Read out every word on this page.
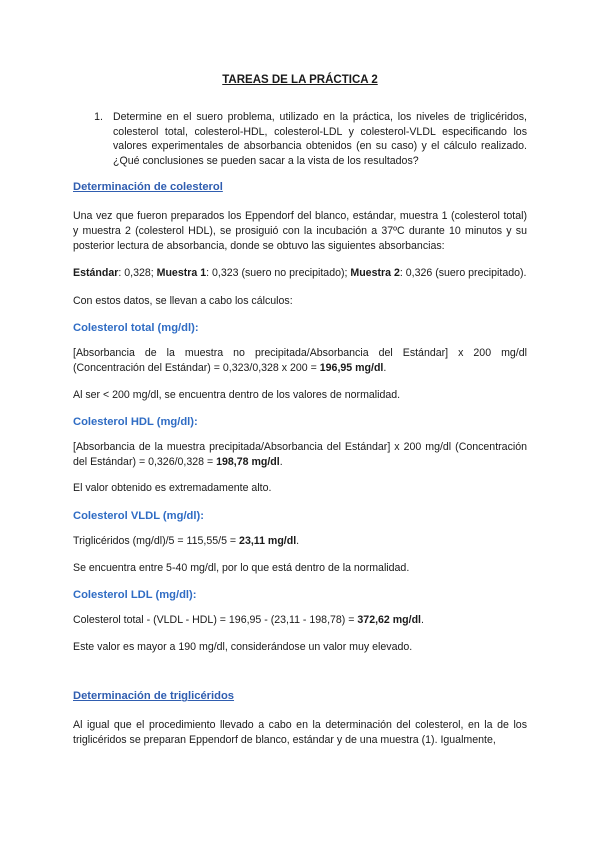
TAREAS DE LA PRÁCTICA 2
1. Determine en el suero problema, utilizado en la práctica, los niveles de triglicéridos, colesterol total, colesterol-HDL, colesterol-LDL y colesterol-VLDL especificando los valores experimentales de absorbancia obtenidos (en su caso) y el cálculo realizado. ¿Qué conclusiones se pueden sacar a la vista de los resultados?
Determinación de colesterol

Una vez que fueron preparados los Eppendorf del blanco, estándar, muestra 1 (colesterol total) y muestra 2 (colesterol HDL), se prosiguió con la incubación a 37ºC durante 10 minutos y su posterior lectura de absorbancia, donde se obtuvo las siguientes absorbancias:

Estándar: 0,328; Muestra 1: 0,323 (suero no precipitado); Muestra 2: 0,326 (suero precipitado).

Con estos datos, se llevan a cabo los cálculos:

Colesterol total (mg/dl):

[Absorbancia de la muestra no precipitada/Absorbancia del Estándar] x 200 mg/dl (Concentración del Estándar) = 0,323/0,328 x 200 = 196,95 mg/dl.

Al ser < 200 mg/dl, se encuentra dentro de los valores de normalidad.

Colesterol HDL (mg/dl):

[Absorbancia de la muestra precipitada/Absorbancia del Estándar] x 200 mg/dl (Concentración del Estándar) = 0,326/0,328 = 198,78 mg/dl.

El valor obtenido es extremadamente alto.

Colesterol VLDL (mg/dl):

Triglicéridos (mg/dl)/5 = 115,55/5 = 23,11 mg/dl.

Se encuentra entre 5-40 mg/dl, por lo que está dentro de la normalidad.

Colesterol LDL (mg/dl):

Colesterol total - (VLDL - HDL) = 196,95 - (23,11 - 198,78) = 372,62 mg/dl.

Este valor es mayor a 190 mg/dl, considerándose un valor muy elevado.

Determinación de triglicéridos

Al igual que el procedimiento llevado a cabo en la determinación del colesterol, en la de los triglicéridos se preparan Eppendorf de blanco, estándar y de una muestra (1). Igualmente,
